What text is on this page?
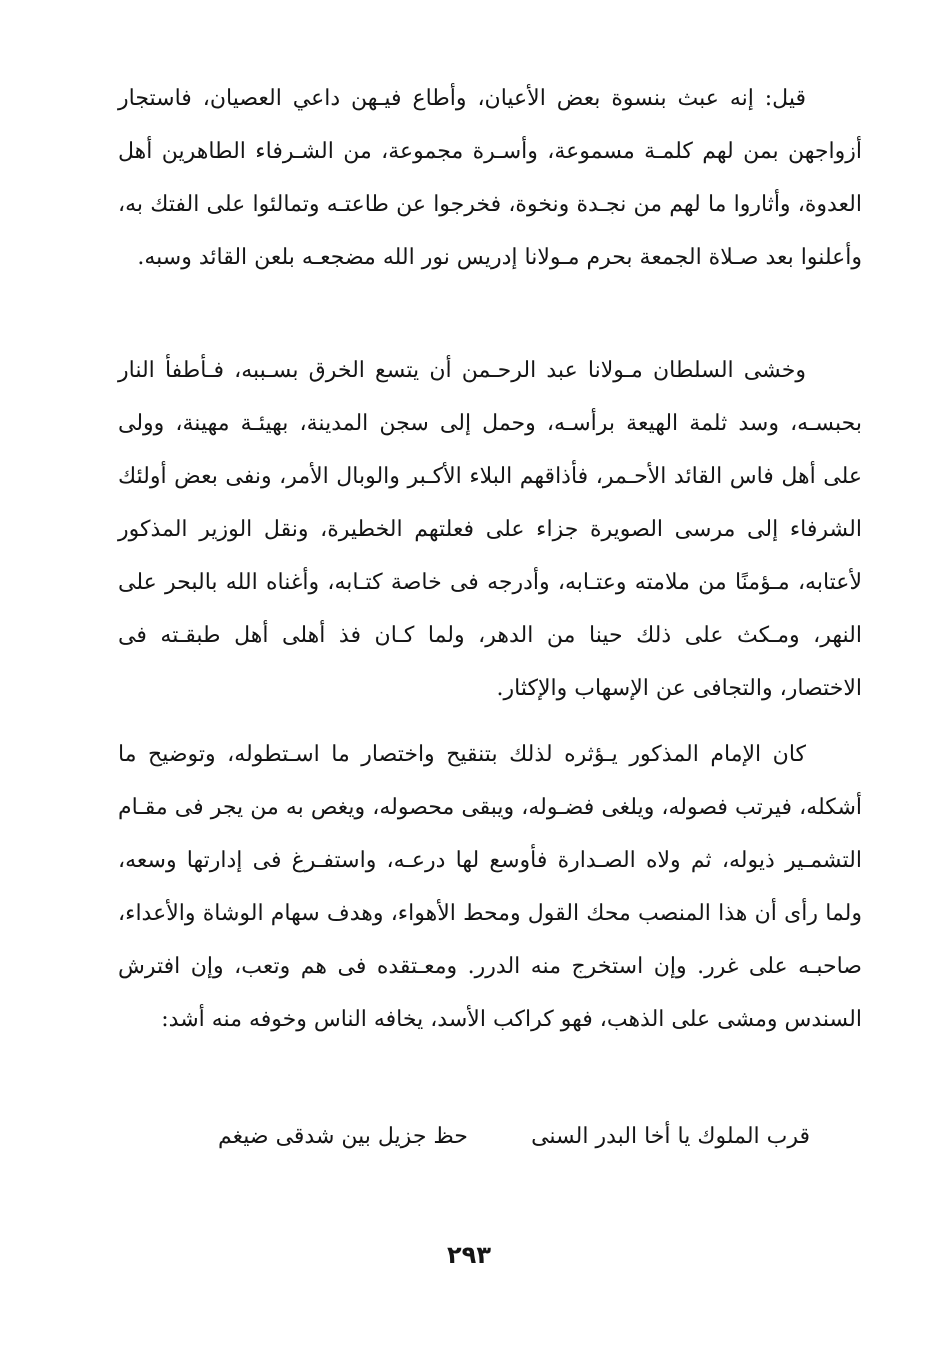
قيل: إنه عبث بنسوة بعض الأعيان، وأطاع فيـهن داعي العصيان، فاستجار أزواجهن بمن لهم كلمـة مسموعة، وأسـرة مجموعة، من الشـرفاء الطاهرين أهل العدوة، وأثاروا ما لهم من نجـدة ونخوة، فخرجوا عن طاعتـه وتمالئوا على الفتك به، وأعلنوا بعد صـلاة الجمعة بحرم مـولانا إدريس نور الله مضجعـه بلعن القائد وسبه.

وخشى السلطان مـولانا عبد الرحـمن أن يتسع الخرق بسـببه، فـأطفأ النار بحبسـه، وسد ثلمة الهيعة برأسـه، وحمل إلى سجن المدينة، بهيئـة مهينة، وولى على أهل فاس القائد الأحـمر، فأذاقهم البلاء الأكـبر والوبال الأمر، ونفى بعض أولئك الشرفاء إلى مرسى الصويرة جزاء على فعلتهم الخطيرة، ونقل الوزير المذكور لأعتابه، مـؤمنًا من ملامته وعتـابه، وأدرجه فى خاصة كتـابه، وأغناه الله بالبحر على النهر، ومـكث على ذلك حينا من الدهر، ولما كـان فذ أهلى أهل طبقـته فى الاختصار، والتجافى عن الإسهاب والإكثار.

كان الإمام المذكور يـؤثره لذلك بتنقيح واختصار ما اسـتطوله، وتوضيح ما أشكله، فيرتب فصوله، ويلغى فضـوله، ويبقى محصوله، ويغص به من يجر فى مقـام التشمـير ذيوله، ثم ولاه الصـدارة فأوسع لها درعـه، واستفـرغ فى إدارتها وسعه، ولما رأى أن هذا المنصب محك القول ومحط الأهواء، وهدف سهام الوشاة والأعداء، صاحبـه على غرر. وإن استخرج منه الدرر. ومعـتقده فى هم وتعب، وإن افترش السندس ومشى على الذهب، فهو كراكب الأسد، يخافه الناس وخوفه منه أشد:

قرب الملوك يا أخا البدر السنى
حظ جزيل بين شدقى ضيغم
٢٩٣
